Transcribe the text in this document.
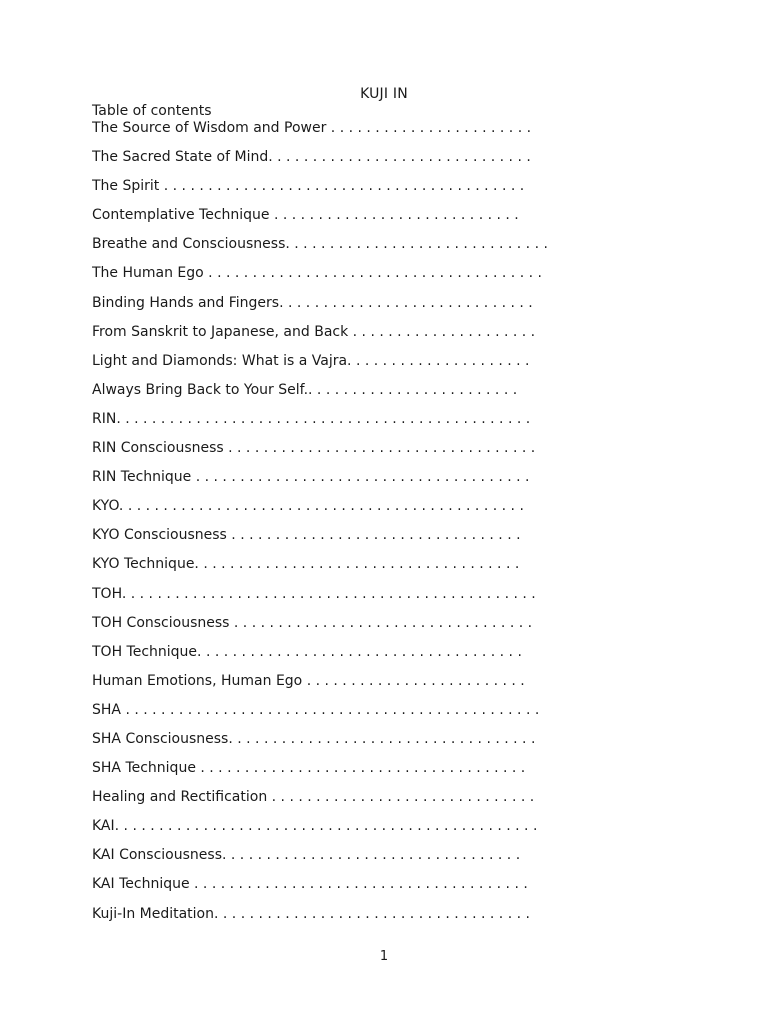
KUJI IN
Table of contents
The Source of Wisdom and Power . . . . . . . . . . . . . . . . . . . . . . .
The Sacred State of Mind. . . . . . . . . . . . . . . . . . . . . . . . . . . . . .
The Spirit . . . . . . . . . . . . . . . . . . . . . . . . . . . . . . . . . . . . . . . . .
Contemplative Technique . . . . . . . . . . . . . . . . . . . . . . . . . . . .
Breathe and Consciousness. . . . . . . . . . . . . . . . . . . . . . . . . . . . . .
The Human Ego . . . . . . . . . . . . . . . . . . . . . . . . . . . . . . . . . . . . . .
Binding Hands and Fingers. . . . . . . . . . . . . . . . . . . . . . . . . . . . .
From Sanskrit to Japanese, and Back . . . . . . . . . . . . . . . . . . . . .
Light and Diamonds: What is a Vajra. . . . . . . . . . . . . . . . . . . . .
Always Bring Back to Your Self.. . . . . . . . . . . . . . . . . . . . . . . .
RIN. . . . . . . . . . . . . . . . . . . . . . . . . . . . . . . . . . . . . . . . . . . . . . .
RIN Consciousness . . . . . . . . . . . . . . . . . . . . . . . . . . . . . . . . . . .
RIN Technique . . . . . . . . . . . . . . . . . . . . . . . . . . . . . . . . . . . . . .
KYO. . . . . . . . . . . . . . . . . . . . . . . . . . . . . . . . . . . . . . . . . . . . . .
KYO Consciousness . . . . . . . . . . . . . . . . . . . . . . . . . . . . . . . . .
KYO Technique. . . . . . . . . . . . . . . . . . . . . . . . . . . . . . . . . . . . .
TOH. . . . . . . . . . . . . . . . . . . . . . . . . . . . . . . . . . . . . . . . . . . . . . .
TOH Consciousness . . . . . . . . . . . . . . . . . . . . . . . . . . . . . . . . . .
TOH Technique. . . . . . . . . . . . . . . . . . . . . . . . . . . . . . . . . . . . .
Human Emotions, Human Ego . . . . . . . . . . . . . . . . . . . . . . . . .
SHA . . . . . . . . . . . . . . . . . . . . . . . . . . . . . . . . . . . . . . . . . . . . . . .
SHA Consciousness. . . . . . . . . . . . . . . . . . . . . . . . . . . . . . . . . . .
SHA Technique . . . . . . . . . . . . . . . . . . . . . . . . . . . . . . . . . . . . .
Healing and Rectification . . . . . . . . . . . . . . . . . . . . . . . . . . . . . .
KAI. . . . . . . . . . . . . . . . . . . . . . . . . . . . . . . . . . . . . . . . . . . . . . . .
KAI Consciousness. . . . . . . . . . . . . . . . . . . . . . . . . . . . . . . . . .
KAI Technique . . . . . . . . . . . . . . . . . . . . . . . . . . . . . . . . . . . . . .
Kuji-In Meditation. . . . . . . . . . . . . . . . . . . . . . . . . . . . . . . . . . . .
1
